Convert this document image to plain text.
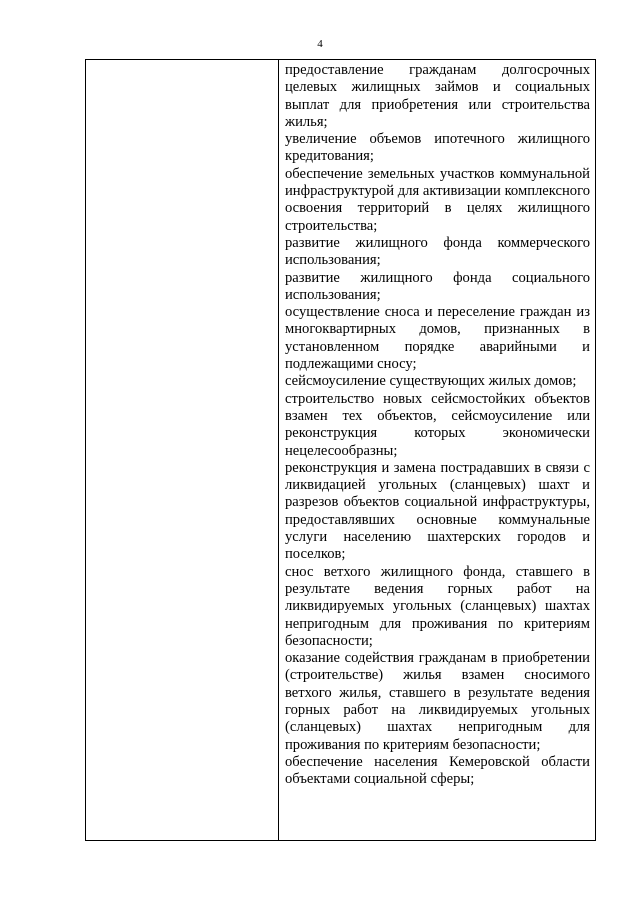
4

предоставление гражданам долгосрочных целевых жилищных займов и социальных выплат для приобретения или строительства жилья;

увеличение объемов ипотечного жилищного кредитования;

обеспечение земельных участков коммунальной инфраструктурой для активизации комплексного освоения территорий в целях жилищного строительства;

развитие жилищного фонда коммерческого использования;

развитие жилищного фонда социального использования;

осуществление сноса и переселение граждан из многоквартирных домов, признанных в установленном порядке аварийными и подлежащими сносу;

сейсмоусиление существующих жилых домов;

строительство новых сейсмостойких объектов взамен тех объектов, сейсмоусиление или реконструкция которых экономически нецелесообразны;

реконструкция и замена пострадавших в связи с ликвидацией угольных (сланцевых) шахт и разрезов объектов социальной инфраструктуры, предоставлявших основные коммунальные услуги населению шахтерских городов и поселков;

снос ветхого жилищного фонда, ставшего в результате ведения горных работ на ликвидируемых угольных (сланцевых) шахтах непригодным для проживания по критериям безопасности;

оказание содействия гражданам в приобретении (строительстве) жилья взамен сносимого ветхого жилья, ставшего в результате ведения горных работ на ликвидируемых угольных (сланцевых) шахтах непригодным для проживания по критериям безопасности;

обеспечение населения Кемеровской области объектами социальной сферы;
